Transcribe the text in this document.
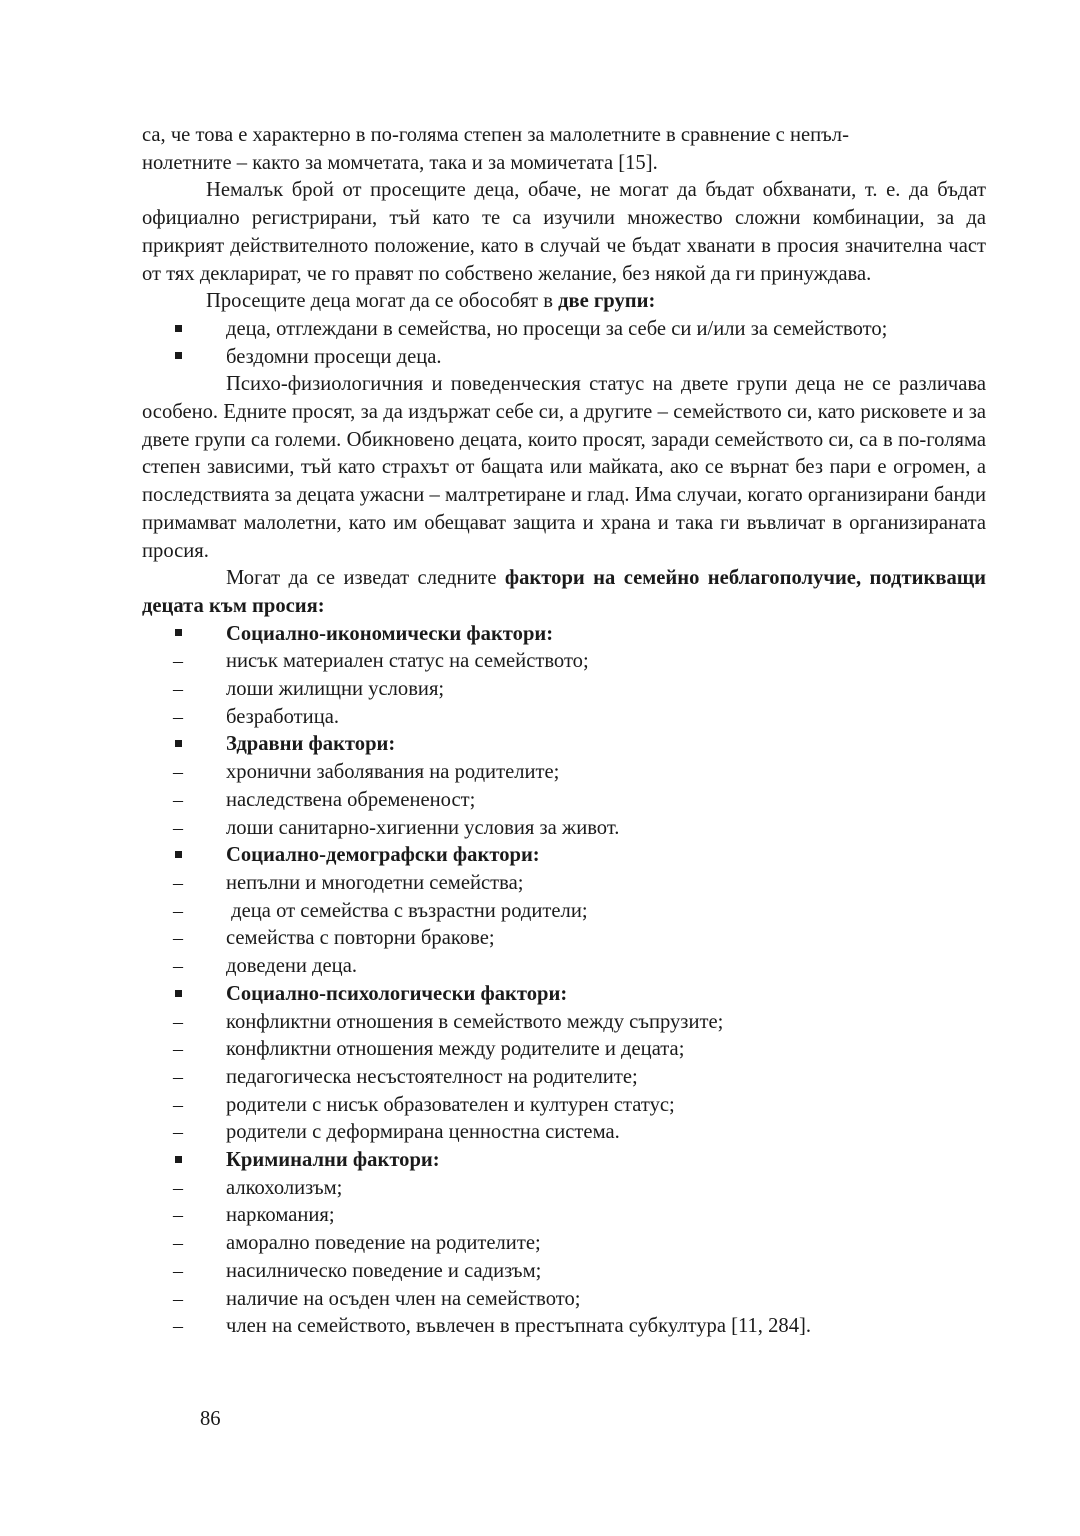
са, че това е характерно в по-голяма степен за малолетните в сравнение с непъл-
нолетните – както за момчетата, така и за момичетата [15].

Немалък брой от просещите деца, обаче, не могат да бъдат обхванати, т. е. да бъдат официално регистрирани, тъй като те са изучили множество сложни комбинации, за да прикрият действителното положение, като в случай че бъдат хванати в просия значителна част от тях декларират, че го правят по собствено желание, без някой да ги принуждава.

Просещите деца могат да се обособят в две групи:

деца, отглеждани в семейства, но просещи за себе си и/или за семейството;
бездомни просещи деца.

Психо-физиологичния и поведенческия статус на двете групи деца не се различава особено. Едните просят, за да издържат себе си, а другите – семейството си, като рисковете и за двете групи са големи. Обикновено децата, които просят, заради семейството си, са в по-голяма степен зависими, тъй като страхът от бащата или майката, ако се върнат без пари е огромен, а последствията за децата ужасни – малтретиране и глад. Има случаи, когато организирани банди примамват малолетни, като им обещават защита и храна и така ги въвличат в организираната просия.

Могат да се изведат следните фактори на семейно неблагополучие, подтикващи децата към просия:

Социално-икономически фактори:
– нисък материален статус на семейството;
– лоши жилищни условия;
– безработица.
Здравни фактори:
– хронични заболявания на родителите;
– наследствена обремененост;
– лоши санитарно-хигиенни условия за живот.
Социално-демографски фактори:
– непълни и многодетни семейства;
– деца от семейства с възрастни родители;
– семейства с повторни бракове;
– доведени деца.
Социално-психологически фактори:
– конфликтни отношения в семейството между съпрузите;
– конфликтни отношения между родителите и децата;
– педагогическа несъстоятелност на родителите;
– родители с нисък образователен и културен статус;
– родители с деформирана ценностна система.
Криминални фактори:
– алкохолизъм;
– наркомания;
– аморално поведение на родителите;
– насилническо поведение и садизъм;
– наличие на осъден член на семейството;
– член на семейството, въвлечен в престъпната субкултура [11, 284].
86
